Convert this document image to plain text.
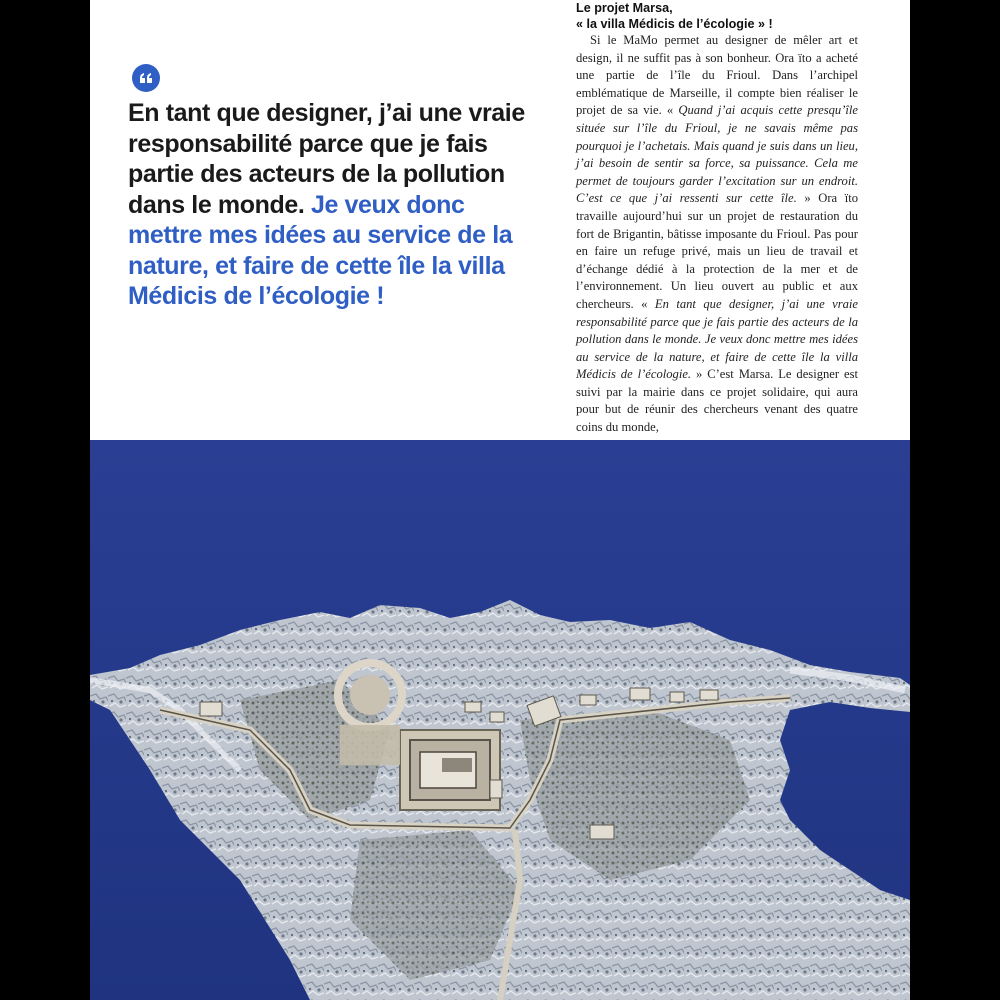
En tant que designer, j’ai une vraie responsabilité parce que je fais partie des acteurs de la pollution dans le monde. Je veux donc mettre mes idées au service de la nature, et faire de cette île la villa Médicis de l’écologie !
Le projet Marsa,
« la villa Médicis de l’écologie » !

Si le MaMo permet au designer de mêler art et design, il ne suffit pas à son bonheur. Ora ïto a acheté une partie de l’île du Frioul. Dans l’archipel emblématique de Marseille, il compte bien réaliser le projet de sa vie. « Quand j’ai acquis cette presqu’île située sur l’île du Frioul, je ne savais même pas pourquoi je l’achetais. Mais quand je suis dans un lieu, j’ai besoin de sentir sa force, sa puissance. Cela me permet de toujours garder l’excitation sur un endroit. C’est ce que j’ai ressenti sur cette île. » Ora ïto travaille aujourd’hui sur un projet de restauration du fort de Brigantin, bâtisse imposante du Frioul. Pas pour en faire un refuge privé, mais un lieu de travail et d’échange dédié à la protection de la mer et de l’environnement. Un lieu ouvert au public et aux chercheurs. « En tant que designer, j’ai une vraie responsabilité parce que je fais partie des acteurs de la pollution dans le monde. Je veux donc mettre mes idées au service de la nature, et faire de cette île la villa Médicis de l’écologie. » C’est Marsa. Le designer est suivi par la mairie dans ce projet solidaire, qui aura pour but de réunir des chercheurs venant des quatre coins du monde,
